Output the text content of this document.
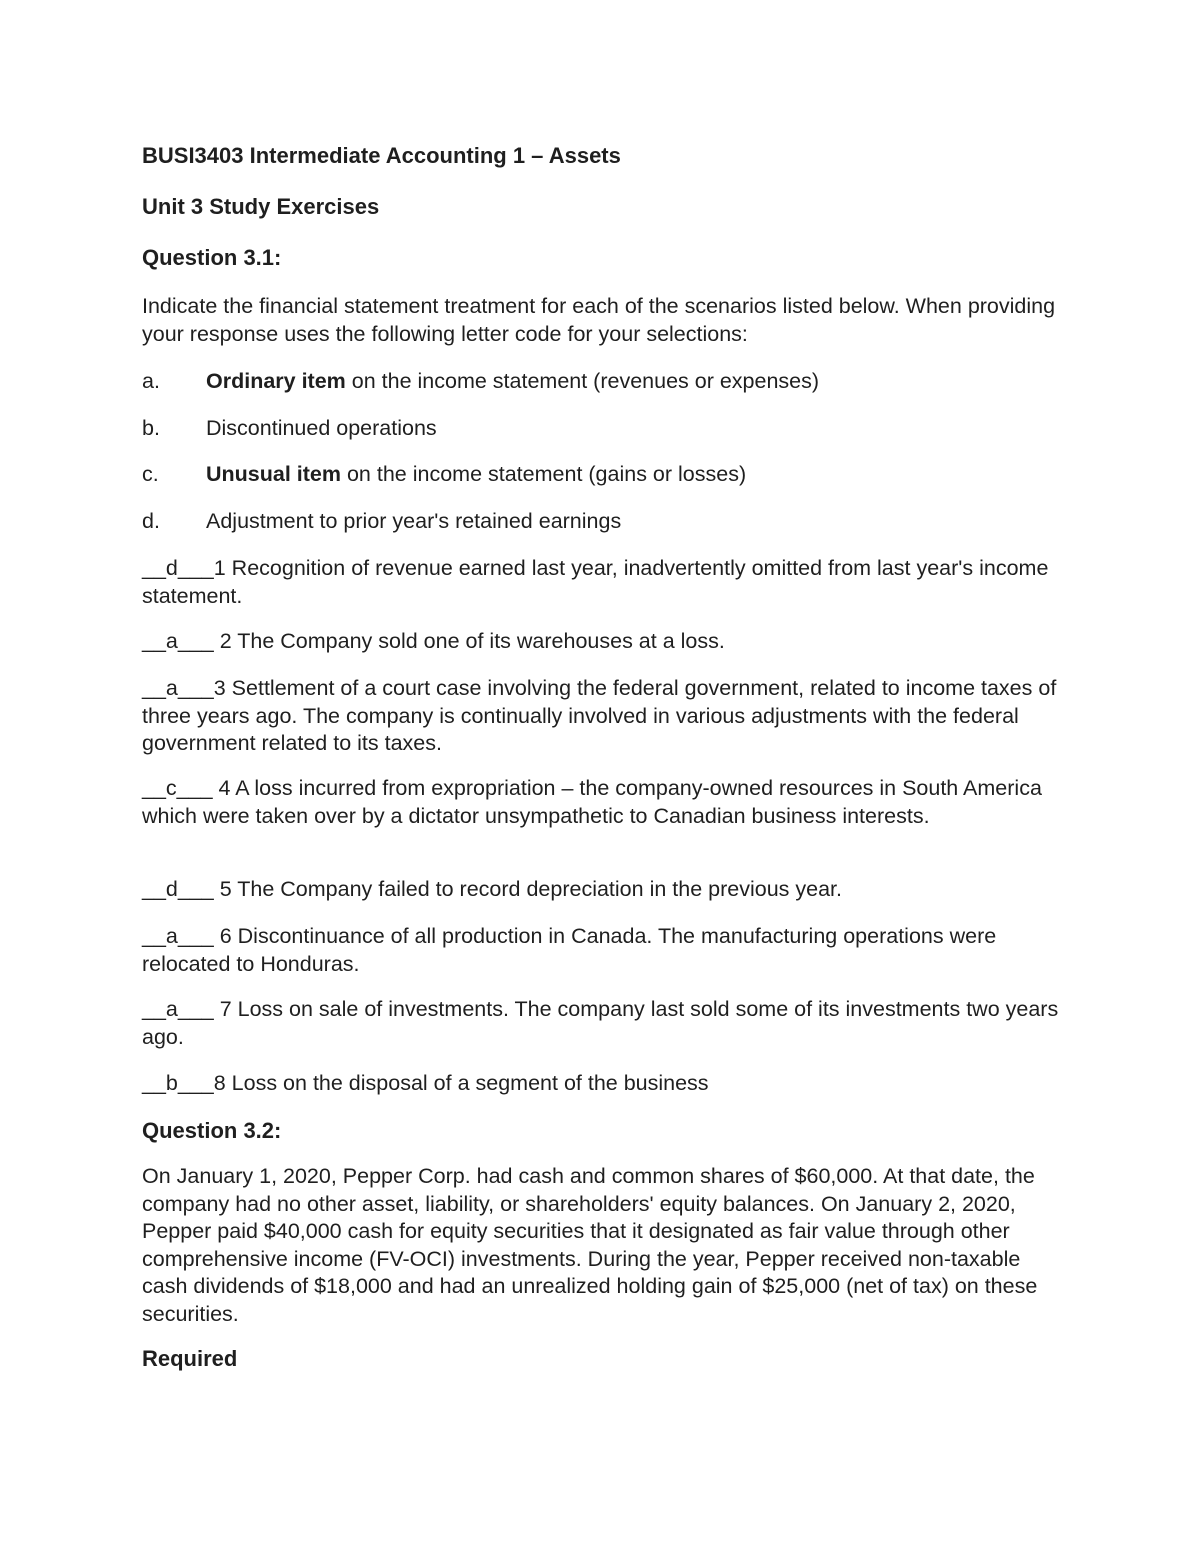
BUSI3403 Intermediate Accounting 1 – Assets
Unit 3 Study Exercises
Question 3.1:
Indicate the financial statement treatment for each of the scenarios listed below. When providing your response uses the following letter code for your selections:
a. Ordinary item on the income statement (revenues or expenses)
b. Discontinued operations
c. Unusual item on the income statement (gains or losses)
d. Adjustment to prior year's retained earnings
__d___1 Recognition of revenue earned last year, inadvertently omitted from last year's income statement.
__a___ 2 The Company sold one of its warehouses at a loss.
__a___3 Settlement of a court case involving the federal government, related to income taxes of three years ago. The company is continually involved in various adjustments with the federal government related to its taxes.
__c___ 4 A loss incurred from expropriation – the company-owned resources in South America which were taken over by a dictator unsympathetic to Canadian business interests.
__d___ 5 The Company failed to record depreciation in the previous year.
__a___ 6 Discontinuance of all production in Canada. The manufacturing operations were relocated to Honduras.
__a___ 7 Loss on sale of investments. The company last sold some of its investments two years ago.
__b___8 Loss on the disposal of a segment of the business
Question 3.2:
On January 1, 2020, Pepper Corp. had cash and common shares of $60,000. At that date, the company had no other asset, liability, or shareholders' equity balances. On January 2, 2020, Pepper paid $40,000 cash for equity securities that it designated as fair value through other comprehensive income (FV-OCI) investments. During the year, Pepper received non-taxable cash dividends of $18,000 and had an unrealized holding gain of $25,000 (net of tax) on these securities.
Required
